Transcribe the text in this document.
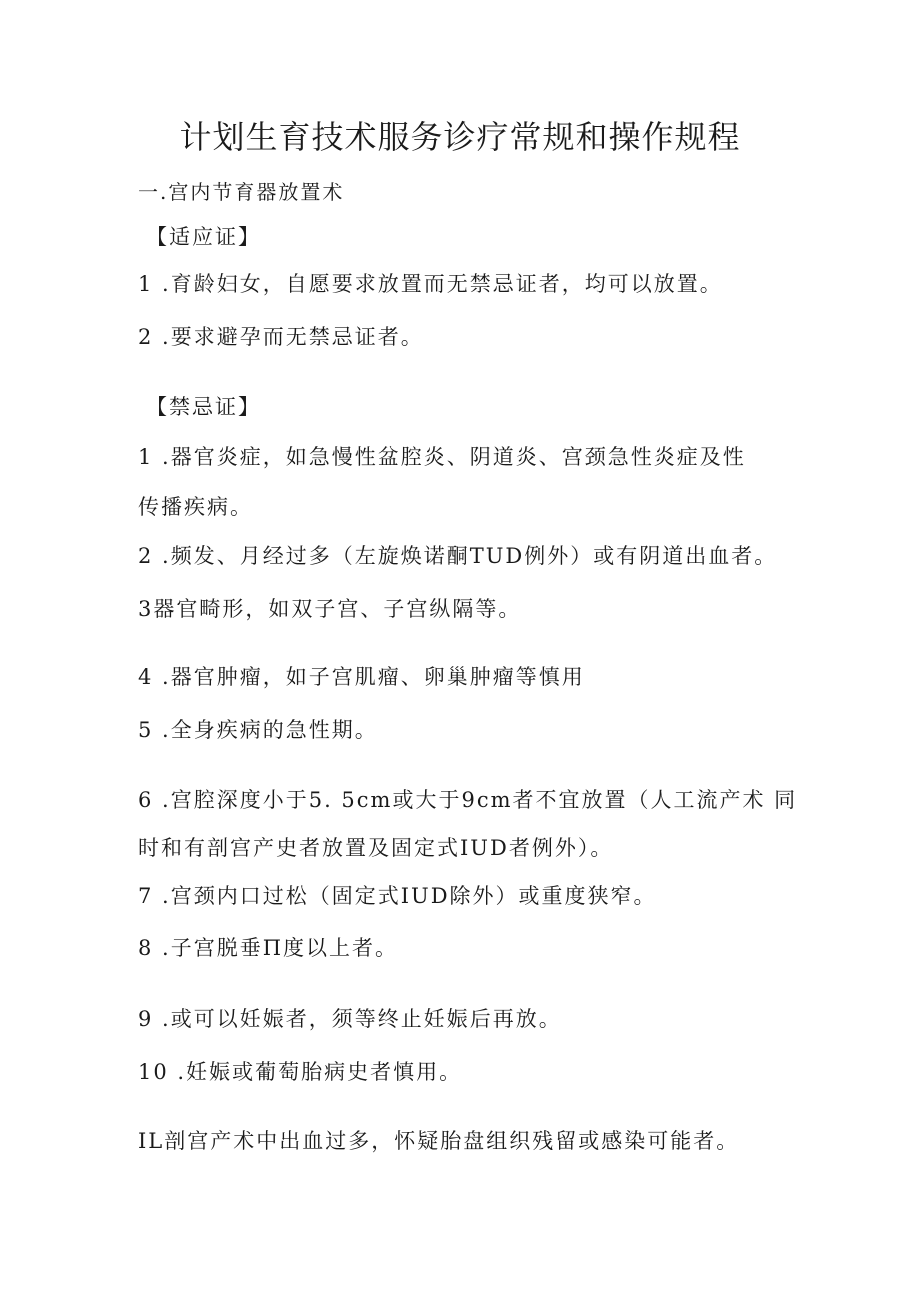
计划生育技术服务诊疗常规和操作规程
一.宫内节育器放置术
【适应证】
1 .育龄妇女，自愿要求放置而无禁忌证者，均可以放置。
2 .要求避孕而无禁忌证者。
【禁忌证】
1 .器官炎症，如急慢性盆腔炎、阴道炎、宫颈急性炎症及性
传播疾病。
2 .频发、月经过多（左旋焕诺酮TUD例外）或有阴道出血者。
3器官畸形，如双子宫、子宫纵隔等。
4 .器官肿瘤，如子宫肌瘤、卵巢肿瘤等慎用
5 .全身疾病的急性期。
6 .宫腔深度小于5. 5cm或大于9cm者不宜放置（人工流产术 同
时和有剖宫产史者放置及固定式IUD者例外）。
7 .宫颈内口过松（固定式IUD除外）或重度狭窄。
8 .子宫脱垂Π度以上者。
9 .或可以妊娠者，须等终止妊娠后再放。
10 .妊娠或葡萄胎病史者慎用。
IL剖宫产术中出血过多，怀疑胎盘组织残留或感染可能者。
